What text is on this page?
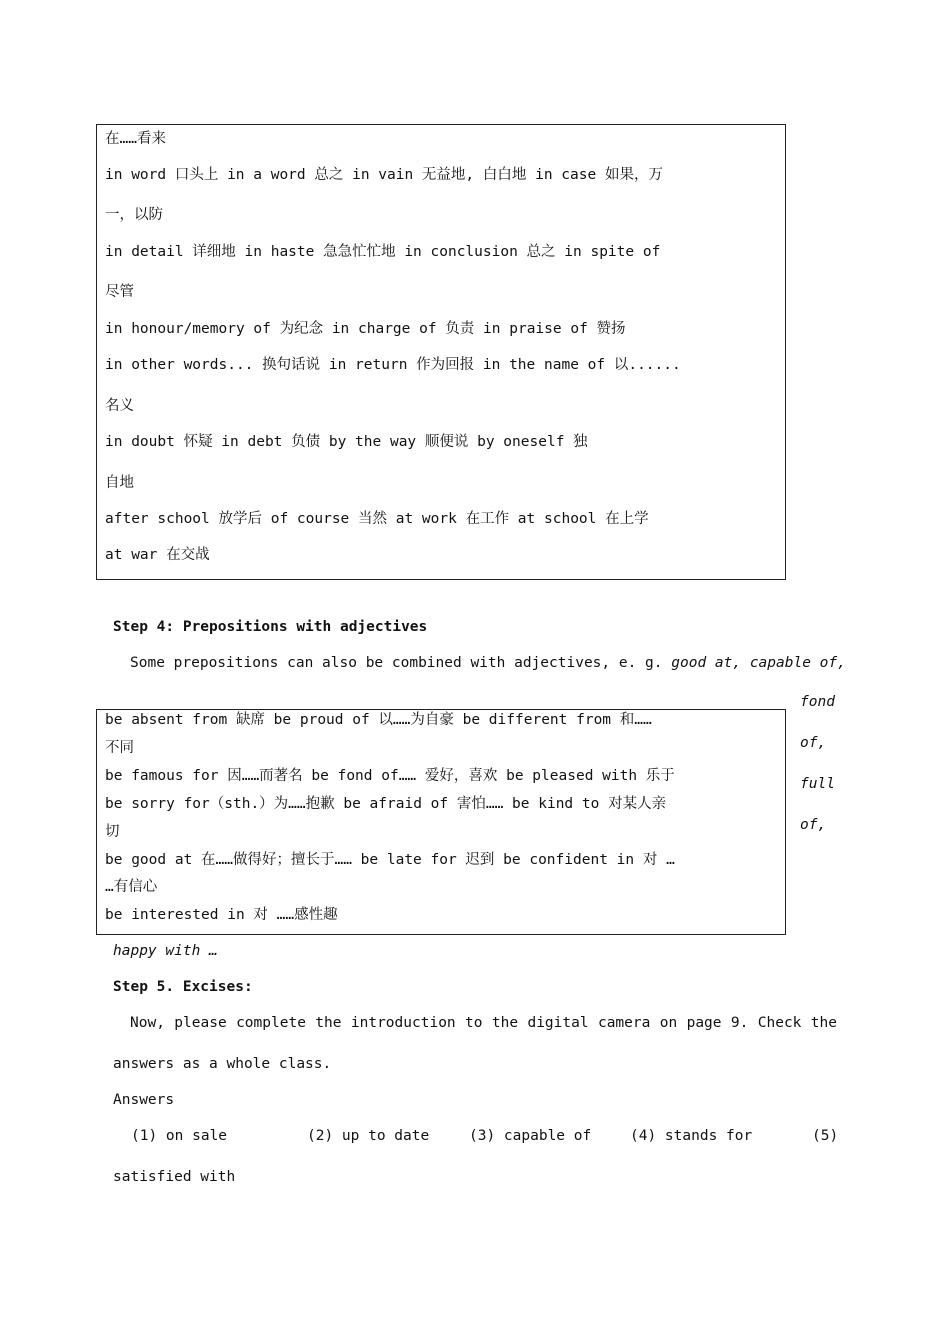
在……看来
in word 口头上 in a word 总之 in vain 无益地, 白白地 in case 如果，万
一，以防
in detail 详细地 in haste 急急忙忙地 in conclusion 总之 in spite of
尽管
in honour/memory of 为纪念 in charge of 负责 in praise of 赞扬
in other words... 换句话说 in return 作为回报 in the name of 以......
名义
in doubt 怀疑 in debt 负债 by the way 顺便说 by oneself 独
自地
after school 放学后 of course 当然 at work 在工作 at school 在上学
at war 在交战
Step 4: Prepositions with adjectives
Some prepositions can also be combined with adjectives, e. g. good at, capable of,
fond
of,
full
of,
be absent from 缺席 be proud of 以……为自豪 be different from 和……
不同
be famous for 因……而著名 be fond of…… 爱好，喜欢 be pleased with 乐于
be sorry for（sth.）为……抱歉 be afraid of 害怕…… be kind to 对某人亲
切
be good at 在……做得好；擅长于…… be late for 迟到 be confident in 对 …
…有信心
be interested in 对 ……感性趣
happy with …
Step 5. Excises:
Now, please complete the introduction to the digital camera on page 9. Check the
answers as a whole class.
Answers
(1) on sale	(2) up to date	(3) capable of	(4) stands for	(5)
satisfied with
